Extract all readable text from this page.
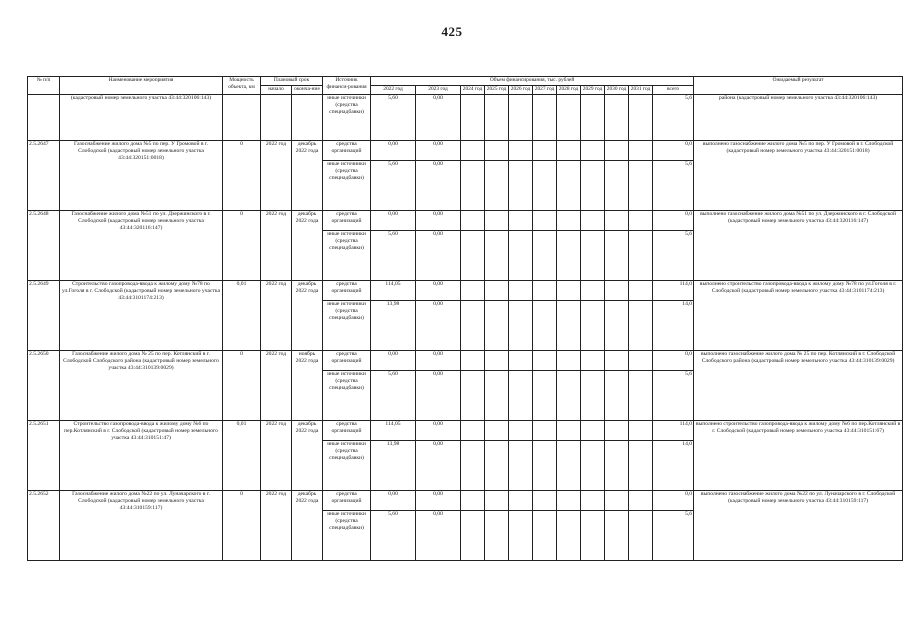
425
№ п/п	Наименование мероприятия	Мощность объекта, км	Плановый срок		Источник финанси-рования	Объем финансирования, тыс. рублей											Ожидаемый результат
			начало	оконча-ние		2022 год	2023 год	2024 год	2025 год	2026 год	2027 год	2028 год	2029 год	2030 год	2031 год	всего	

	(кадастровый номер земельного участка 43:44:320106:143)				иные источники (средства спецнадбавки)	5,60	0,00									5,6	района (кадастровый номер земельного участка 43:44:320106:143)
2.5.2647	Газоснабжение жилого дома №5 по пер. У Громовой в г. Слободской (кадастровый номер земельного участка 43:44:320151:0018)	0	2022 год	декабрь 2022 года	средства организаций	0,00	0,00									0,0	выполнено газоснабжение жилого дома №5 по пер. У Громовой в г. Слободской (кадастровый номер земельного участка 43:44:320151:0018)
					иные источники (средства спецнадбавки)	5,60	0,00									5,6	
2.5.2648	Газоснабжение жилого дома №51 по ул. Дзержинского в г. Слободской (кадастровый номер земельного участка 43:44:320116:147)	0	2022 год	декабрь 2022 года	средства организаций	0,00	0,00									0,0	выполнено газоснабжение жилого дома №51 по ул. Дзержинского в г. Слободской (кадастровый номер земельного участка 43:44:320116:147)
					иные источники (средства спецнадбавки)	5,60	0,00									5,6	
2.5.2649	Строительство газопровода-ввода к жилому дому №78 по ул.Гоголя в г. Слободской (кадастровый номер земельного участка 43:44:3101174:213)	0,01	2022 год	декабрь 2022 года	средства организаций	114,05	0,00									114,0	выполнено строительство газопровода-ввода к жилому дому №78 по ул.Гоголя в г. Слободской (кадастровый номер земельного участка 43:44:3101174:213)
					иные источники (средства спецнадбавки)	13,98	0,00									14,0	
2.5.2650	Газоснабжение жилого дома № 25 по пер. Котлянский в г. Слободской Слободского района (кадастровый номер земельного участка 43:44:310139:0029)	0	2022 год	ноябрь 2022 года	средства организаций	0,00	0,00									0,0	выполнено газоснабжение жилого дома № 25 по пер. Котлянский в г. Слободской Слободского района (кадастровый номер земельного участка 43:44:310139:0029)
					иные источники (средства спецнадбавки)	5,60	0,00									5,6	
2.5.2651	Строительство газопровода-ввода к жилому дому №6 по пер.Котлянский в г. Слободской (кадастровый номер земельного участка 43:44:310151:47)	0,01	2022 год	декабрь 2022 года	средства организаций	114,05	0,00									114,0	выполнено строительство газопровода-ввода к жилому дому №6 по пер.Котлянский в г. Слободской (кадастровый номер земельного участка 43:44:310151:67)
					иные источники (средства спецнадбавки)	13,98	0,00									14,0	
2.5.2652	Газоснабжение жилого дома №22 по ул. Луначарского в г. Слободской (кадастровый номер земельного участка 43:44:310159:117)	0	2022 год	декабрь 2022 года	средства организаций	0,00	0,00									0,0	выполнено газоснабжение жилого дома №22 по ул. Луначарского в г. Слободской (кадастровый номер земельного участка 43:44:310159:117)
					иные источники (средства спецнадбавки)	5,60	0,00									5,6	
